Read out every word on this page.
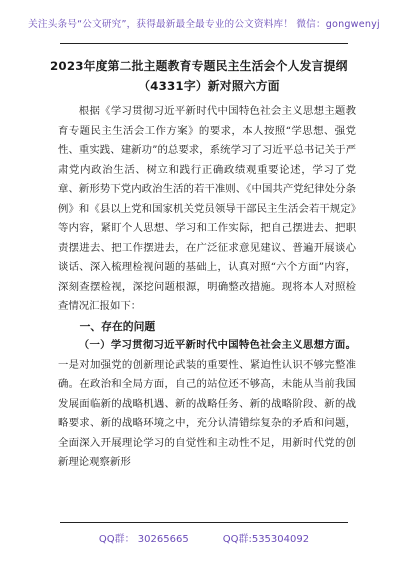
关注头条号“公文研究”，获得最新最全最专业的公文资料库！ 微信：gongwenyj
2023年度第二批主题教育专题民主生活会个人发言提纲
（4331字）新对照六方面

根据《学习贯彻习近平新时代中国特色社会主义思想主题教育专题民主生活会工作方案》的要求，本人按照“学思想、强党性、重实践、建新功”的总要求，系统学习了习近平总书记关于严肃党内政治生活、树立和践行正确政绩观重要论述，学习了党章、新形势下党内政治生活的若干准则、《中国共产党纪律处分条例》和《县以上党和国家机关党员领导干部民主生活会若干规定》等内容，紧盯个人思想、学习和工作实际，把自己摆进去、把职责摆进去、把工作摆进去，在广泛征求意见建议、普遍开展谈心谈话、深入梳理检视问题的基础上，认真对照“六个方面”内容，深刻查摆检视，深挖问题根源，明确整改措施。现将本人对照检查情况汇报如下：

一、存在的问题

（一）学习贯彻习近平新时代中国特色社会主义思想方面。一是对加强党的创新理论武装的重要性、紧迫性认识不够完整准确。在政治和全局方面，自己的站位还不够高，未能从当前我国发展面临新的战略机遇、新的战略任务、新的战略阶段、新的战略要求、新的战略环境之中，充分认清错综复杂的矛盾和问题，全面深入开展理论学习的自觉性和主动性不足，用新时代党的创新理论观察新形

QQ群： 30265665	QQ群:535304092
